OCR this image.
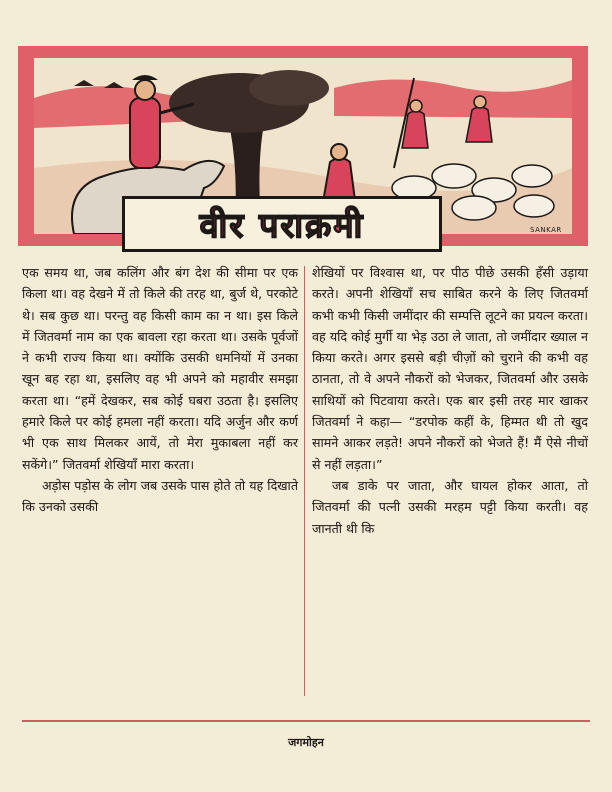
वीर पराक्रमी	SANKAR

एक समय था, जब कलिंग और बंग देश की सीमा पर एक किला था। वह देखने में तो किले की तरह था, बुर्ज थे, परकोटे थे। सब कुछ था। परन्तु वह किसी काम का न था। इस किले में जितवर्मा नाम का एक बावला रहा करता था। उसके पूर्वजों ने कभी राज्य किया था। क्योंकि उसकी धमनियों में उनका खून बह रहा था, इसलिए वह भी अपने को महावीर समझा करता था। “हमें देखकर, सब कोई घबरा उठता है। इसलिए हमारे किले पर कोई हमला नहीं करता। यदि अर्जुन और कर्ण भी एक साथ मिलकर आयें, तो मेरा मुकाबला नहीं कर सकेंगे।” जितवर्मा शेखियाँ मारा करता।

अड़ोस पड़ोस के लोग जब उसके पास होते तो यह दिखाते कि उनको उसकी

शेखियों पर विश्वास था, पर पीठ पीछे उसकी हँसी उड़ाया करते। अपनी शेखियाँ सच साबित करने के लिए जितवर्मा कभी कभी किसी जमींदार की सम्पत्ति लूटने का प्रयत्न करता। वह यदि कोई मुर्गी या भेड़ उठा ले जाता, तो जमींदार ख्याल न किया करते। अगर इससे बड़ी चीज़ों को चुराने की कभी वह ठानता, तो वे अपने नौकरों को भेजकर, जितवर्मा और उसके साथियों को पिटवाया करते। एक बार इसी तरह मार खाकर जितवर्मा ने कहा— “डरपोक कहीं के, हिम्मत थी तो खुद सामने आकर लड़ते! अपने नौकरों को भेजते हैं! मैं ऐसे नीचों से नहीं लड़ता।”

जब डाके पर जाता, और घायल होकर आता, तो जितवर्मा की पत्नी उसकी मरहम पट्टी किया करती। वह जानती थी कि

जगमोहन
